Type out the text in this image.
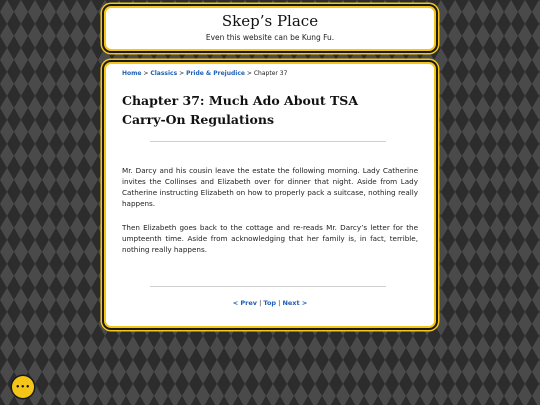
Skep’s Place
Even this website can be Kung Fu.
Home > Classics > Pride & Prejudice > Chapter 37
Chapter 37: Much Ado About TSA Carry-On Regulations

Mr. Darcy and his cousin leave the estate the following morning. Lady Catherine invites the Collinses and Elizabeth over for dinner that night. Aside from Lady Catherine instructing Elizabeth on how to properly pack a suitcase, nothing really happens.

Then Elizabeth goes back to the cottage and re-reads Mr. Darcy’s letter for the umpteenth time. Aside from acknowledging that her family is, in fact, terrible, nothing really happens.

< Prev | Top | Next >
•••
